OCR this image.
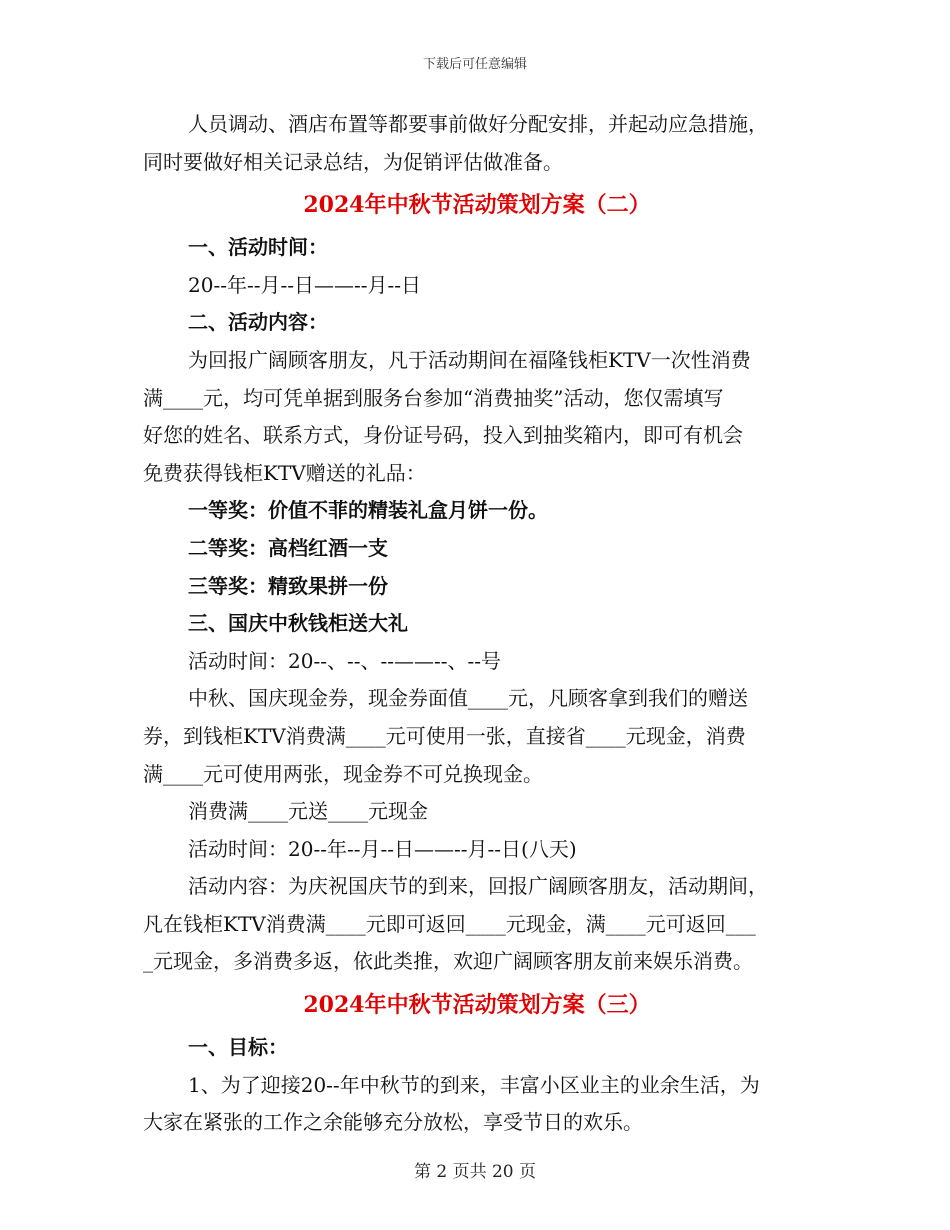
下载后可任意编辑

人员调动、酒店布置等都要事前做好分配安排，并起动应急措施，

同时要做好相关记录总结，为促销评估做准备。

2024年中秋节活动策划方案（二）

一、活动时间：

20--年--月--日——--月--日

二、活动内容：

为回报广阔顾客朋友，凡于活动期间在福隆钱柜KTV一次性消费

满____元，均可凭单据到服务台参加“消费抽奖”活动，您仅需填写

好您的姓名、联系方式，身份证号码，投入到抽奖箱内，即可有机会

免费获得钱柜KTV赠送的礼品：

一等奖：价值不菲的精装礼盒月饼一份。

二等奖：高档红酒一支

三等奖：精致果拼一份

三、国庆中秋钱柜送大礼

活动时间：20--、--、--——--、--号

中秋、国庆现金券，现金券面值____元，凡顾客拿到我们的赠送

券，到钱柜KTV消费满____元可使用一张，直接省____元现金，消费

满____元可使用两张，现金券不可兑换现金。

消费满____元送____元现金

活动时间：20--年--月--日——--月--日(八天)

活动内容：为庆祝国庆节的到来，回报广阔顾客朋友，活动期间，

凡在钱柜KTV消费满____元即可返回____元现金，满____元可返回___

_元现金，多消费多返，依此类推，欢迎广阔顾客朋友前来娱乐消费。

2024年中秋节活动策划方案（三）

一、目标：

1、为了迎接20--年中秋节的到来，丰富小区业主的业余生活，为

大家在紧张的工作之余能够充分放松，享受节日的欢乐。

第 2 页共 20 页
